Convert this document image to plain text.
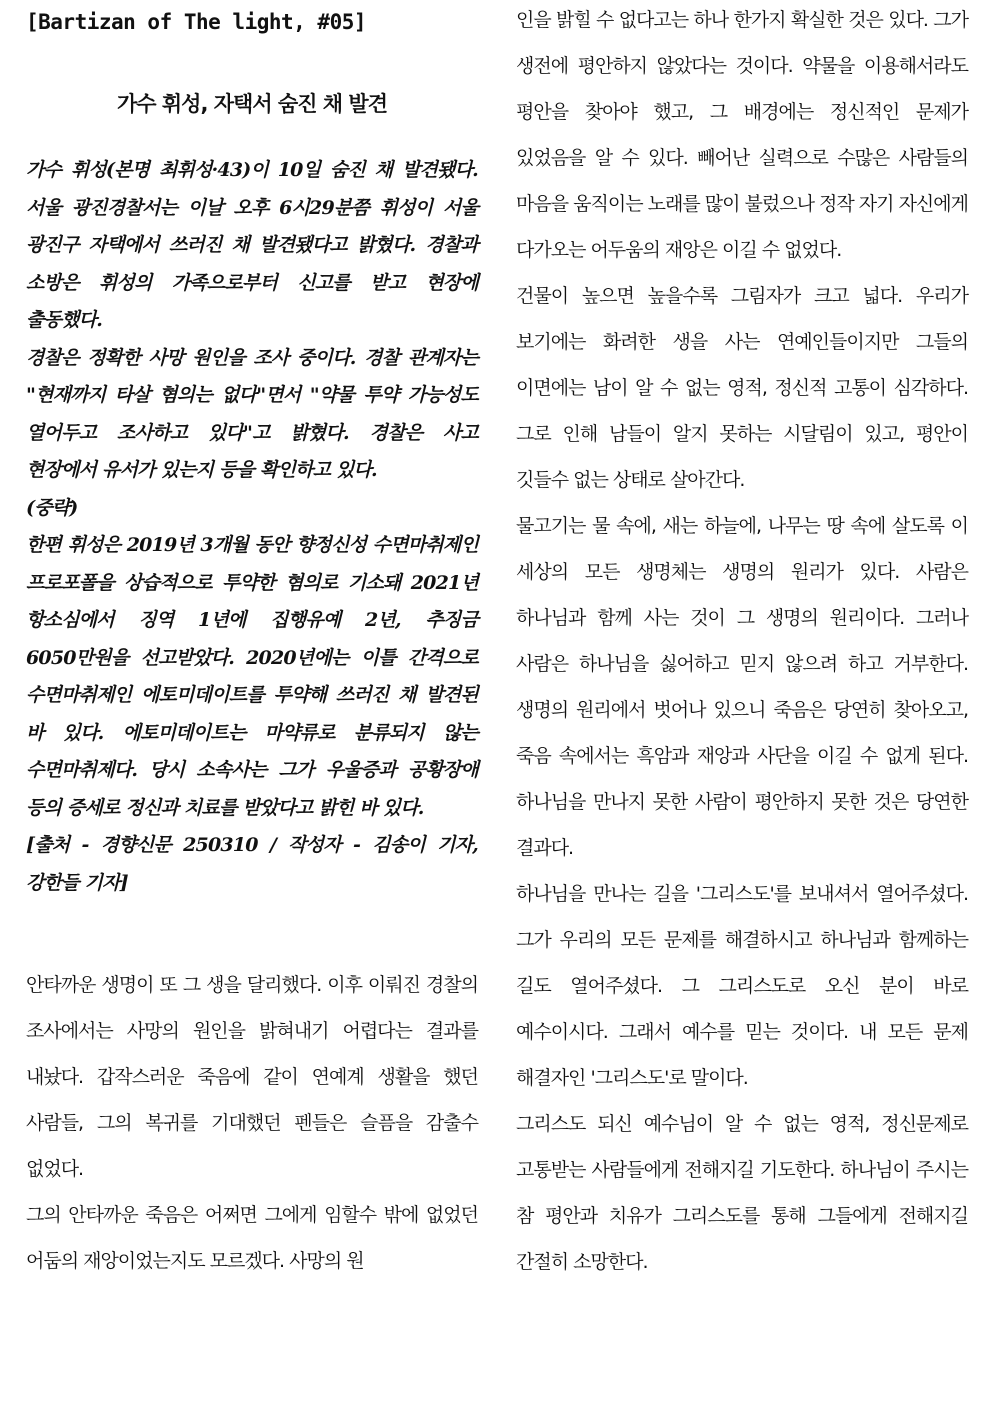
[Bartizan of The light, #05]
가수 휘성, 자택서 숨진 채 발견

가수 휘성(본명 최휘성·43)이 10일 숨진 채 발견됐다. 서울 광진경찰서는 이날 오후 6시29분쯤 휘성이 서울 광진구 자택에서 쓰러진 채 발견됐다고 밝혔다. 경찰과 소방은 휘성의 가족으로부터 신고를 받고 현장에 출동했다.

경찰은 정확한 사망 원인을 조사 중이다. 경찰 관계자는 "현재까지 타살 혐의는 없다"면서 "약물 투약 가능성도 열어두고 조사하고 있다"고 밝혔다. 경찰은 사고 현장에서 유서가 있는지 등을 확인하고 있다.

(중략)

한편 휘성은 2019년 3개월 동안 향정신성 수면마취제인 프로포폴을 상습적으로 투약한 혐의로 기소돼 2021년 항소심에서 징역 1년에 집행유예 2년, 추징금 6050만원을 선고받았다. 2020년에는 이틀 간격으로 수면마취제인 에토미데이트를 투약해 쓰러진 채 발견된 바 있다. 에토미데이트는 마약류로 분류되지 않는 수면마취제다. 당시 소속사는 그가 우울증과 공황장애 등의 증세로 정신과 치료를 받았다고 밝힌 바 있다.

[출처 - 경향신문 250310 / 작성자 - 김송이 기자, 강한들 기자]

안타까운 생명이 또 그 생을 달리했다. 이후 이뤄진 경찰의 조사에서는 사망의 원인을 밝혀내기 어렵다는 결과를 내놨다. 갑작스러운 죽음에 같이 연예계 생활을 했던 사람들, 그의 복귀를 기대했던 펜들은 슬픔을 감출수 없었다.

그의 안타까운 죽음은 어쩌면 그에게 임할수 밖에 없었던 어둠의 재앙이었는지도 모르겠다. 사망의 원

인을 밝힐 수 없다고는 하나 한가지 확실한 것은 있다. 그가 생전에 평안하지 않았다는 것이다. 약물을 이용해서라도 평안을 찾아야 했고, 그 배경에는 정신적인 문제가 있었음을 알 수 있다. 빼어난 실력으로 수많은 사람들의 마음을 움직이는 노래를 많이 불렀으나 정작 자기 자신에게 다가오는 어두움의 재앙은 이길 수 없었다.

건물이 높으면 높을수록 그림자가 크고 넓다. 우리가 보기에는 화려한 생을 사는 연예인들이지만 그들의 이면에는 남이 알 수 없는 영적, 정신적 고통이 심각하다. 그로 인해 남들이 알지 못하는 시달림이 있고, 평안이 깃들수 없는 상태로 살아간다.

물고기는 물 속에, 새는 하늘에, 나무는 땅 속에 살도록 이 세상의 모든 생명체는 생명의 원리가 있다. 사람은 하나님과 함께 사는 것이 그 생명의 원리이다. 그러나 사람은 하나님을 싫어하고 믿지 않으려 하고 거부한다. 생명의 원리에서 벗어나 있으니 죽음은 당연히 찾아오고, 죽음 속에서는 흑암과 재앙과 사단을 이길 수 없게 된다. 하나님을 만나지 못한 사람이 평안하지 못한 것은 당연한 결과다.

하나님을 만나는 길을 '그리스도'를 보내셔서 열어주셨다. 그가 우리의 모든 문제를 해결하시고 하나님과 함께하는 길도 열어주셨다. 그 그리스도로 오신 분이 바로 예수이시다. 그래서 예수를 믿는 것이다. 내 모든 문제 해결자인 '그리스도'로 말이다.

그리스도 되신 예수님이 알 수 없는 영적, 정신문제로 고통받는 사람들에게 전해지길 기도한다. 하나님이 주시는 참 평안과 치유가 그리스도를 통해 그들에게 전해지길 간절히 소망한다.
